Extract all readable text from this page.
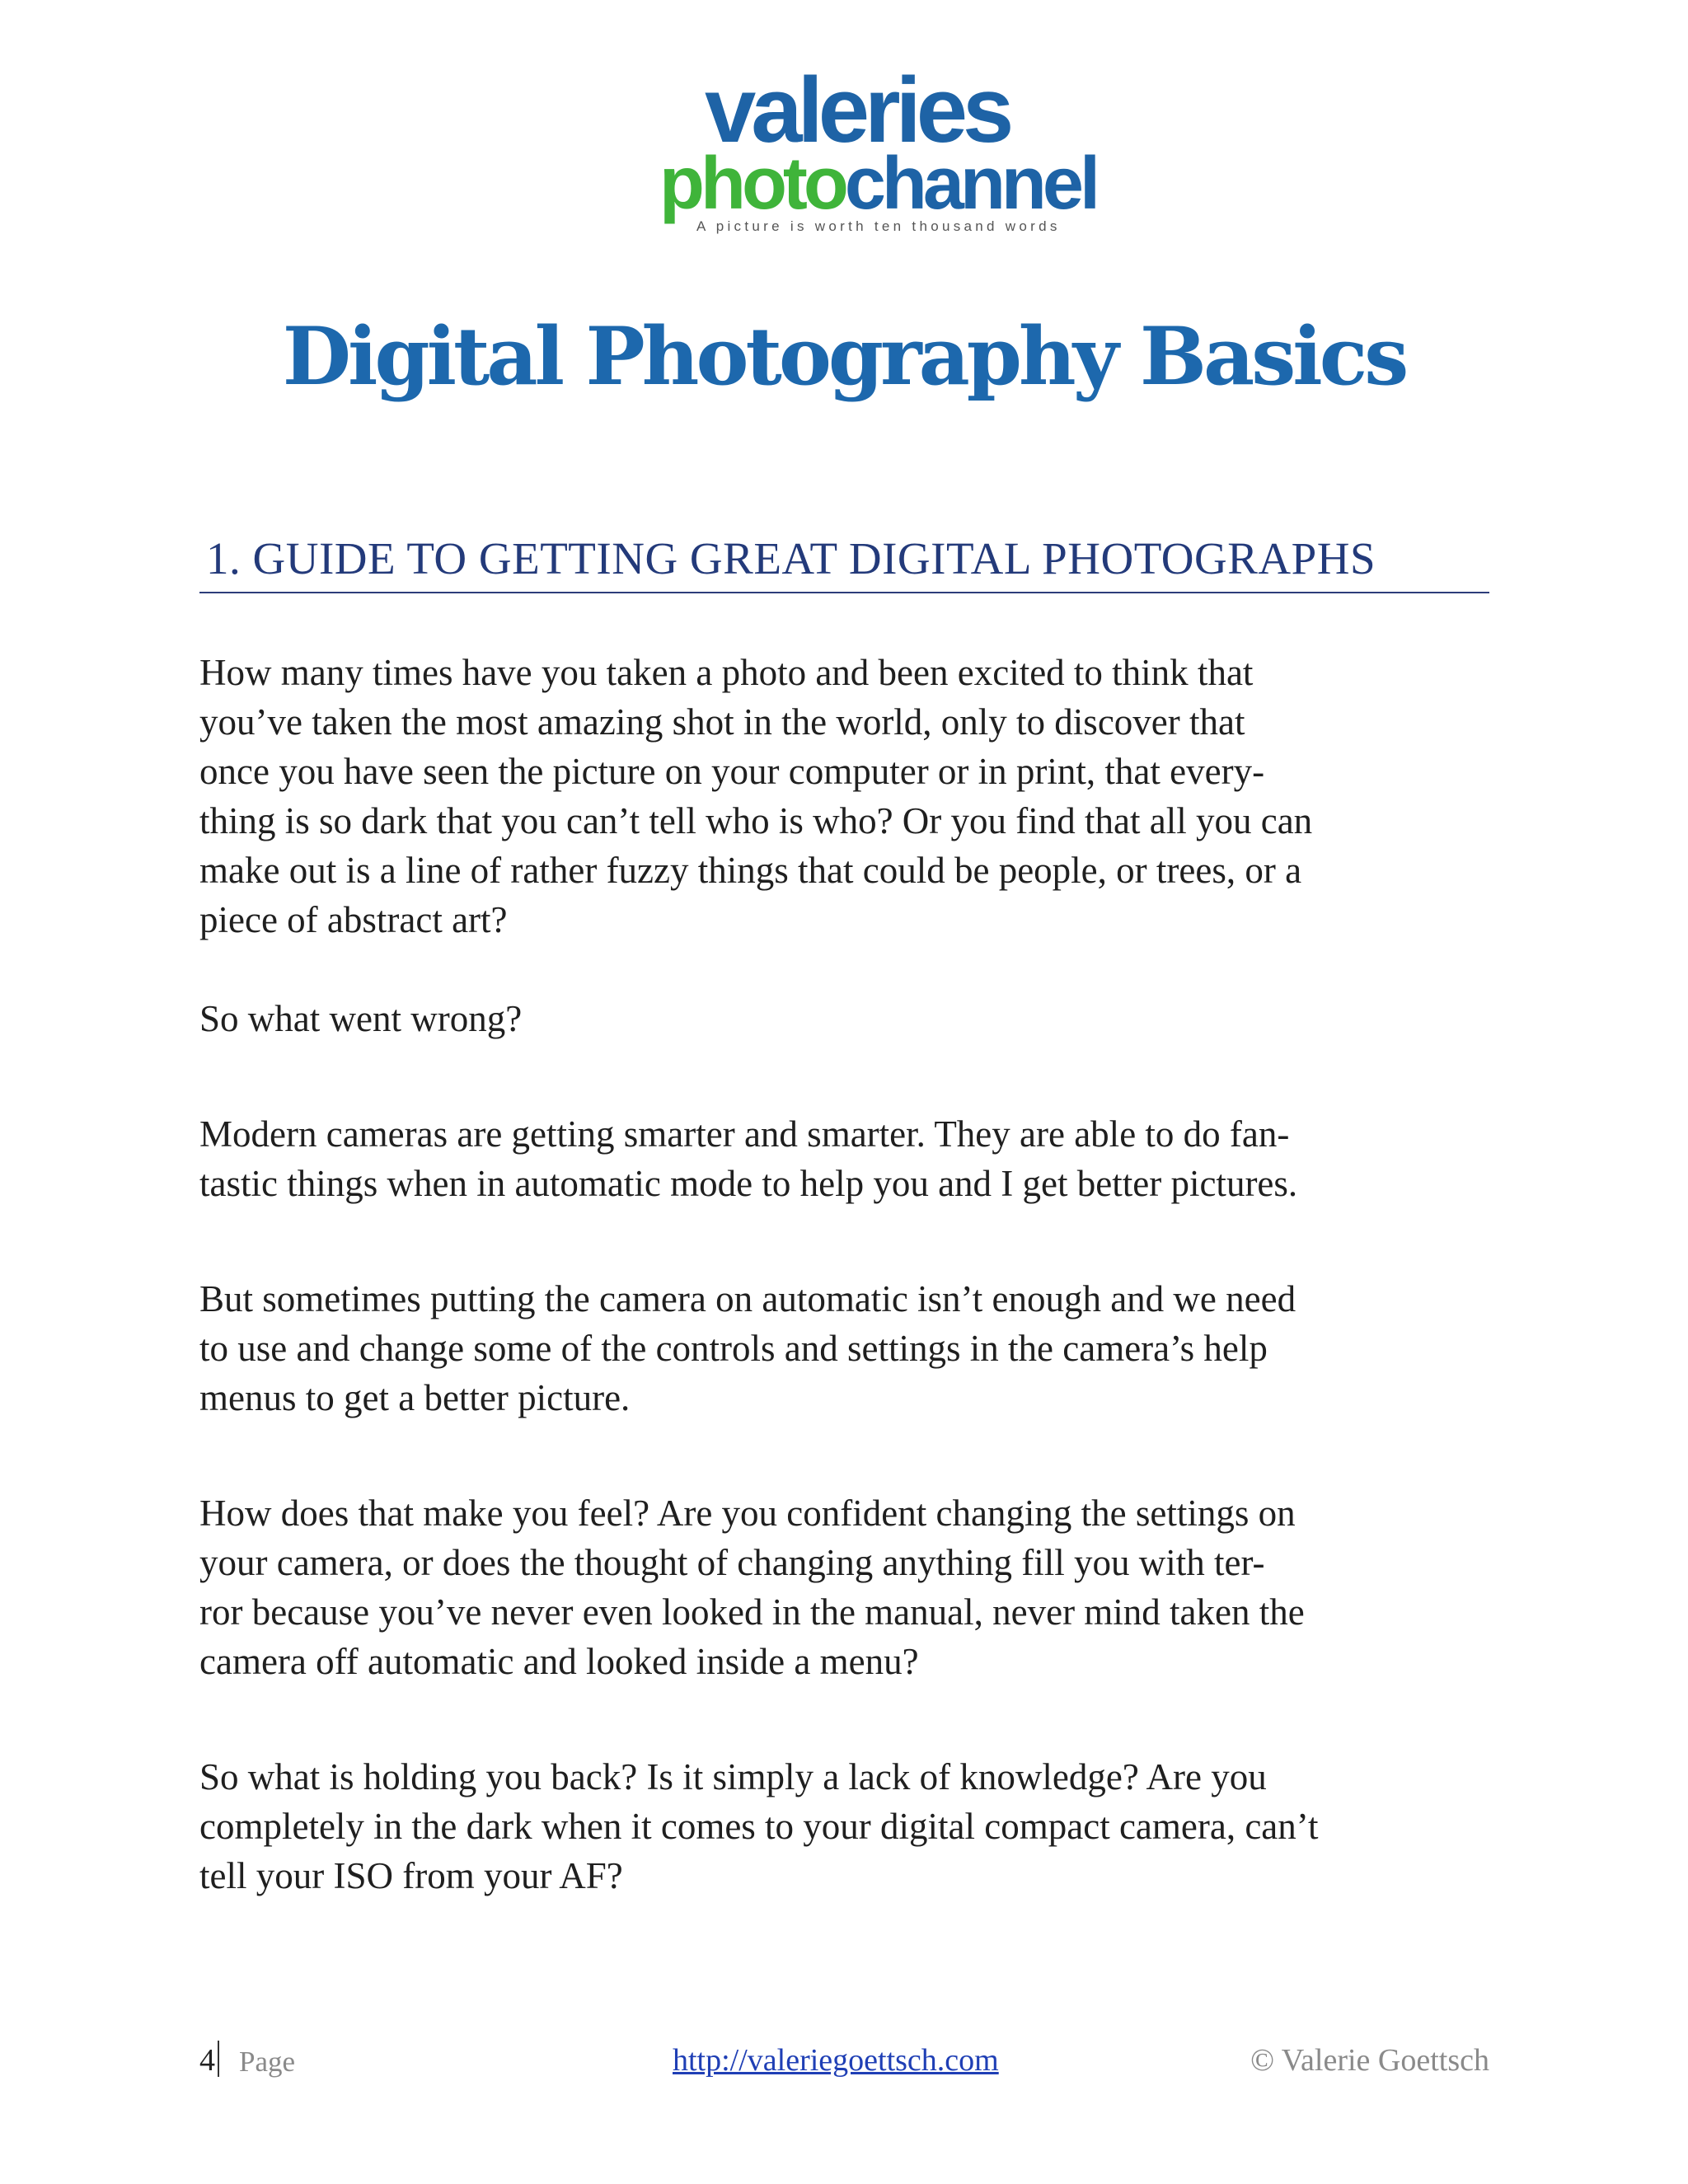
valeries
photochannel
A picture is worth ten thousand words
Digital Photography Basics
1. GUIDE TO GETTING GREAT DIGITAL PHOTOGRAPHS

How many times have you taken a photo and been excited to think that
you’ve taken the most amazing shot in the world, only to discover that
once you have seen the picture on your computer or in print, that every-
thing is so dark that you can’t tell who is who? Or you find that all you can
make out is a line of rather fuzzy things that could be people, or trees, or a
piece of abstract art?

So what went wrong?

Modern cameras are getting smarter and smarter. They are able to do fan-
tastic things when in automatic mode to help you and I get better pictures.

But sometimes putting the camera on automatic isn’t enough and we need
to use and change some of the controls and settings in the camera’s help
menus to get a better picture.

How does that make you feel? Are you confident changing the settings on
your camera, or does the thought of changing anything fill you with ter-
ror because you’ve never even looked in the manual, never mind taken the
camera off automatic and looked inside a menu?

So what is holding you back? Is it simply a lack of knowledge? Are you
completely in the dark when it comes to your digital compact camera, can’t
tell your ISO from your AF?

4 Page	http://valeriegoettsch.com	© Valerie Goettsch
